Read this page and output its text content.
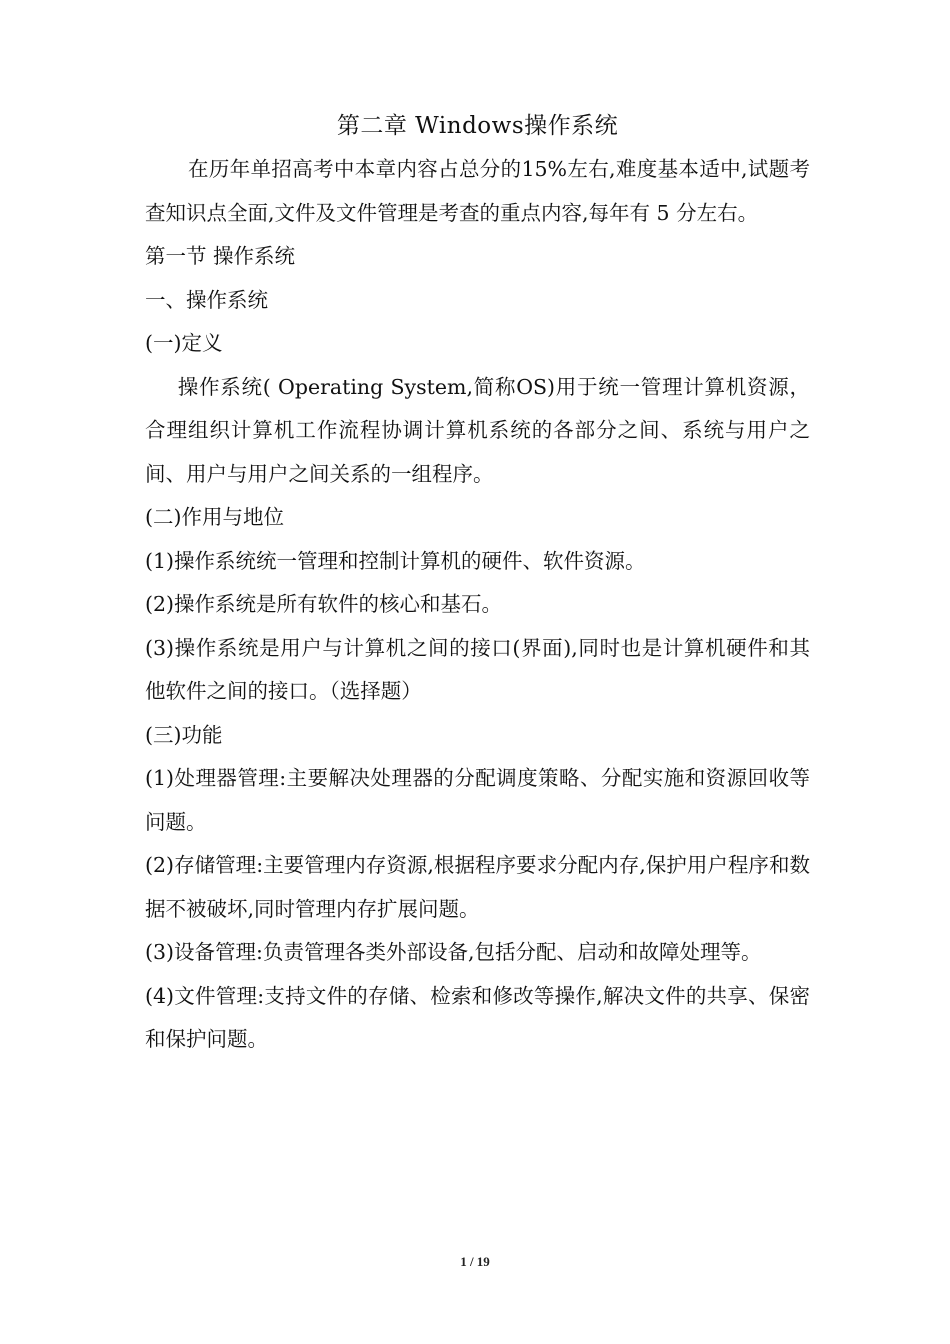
第二章 Windows操作系统

在历年单招高考中本章内容占总分的15%左右,难度基本适中,试题考查知识点全面,文件及文件管理是考查的重点内容,每年有 5 分左右。

第一节 操作系统

一、操作系统

(一)定义

操作系统( Operating System,简称OS)用于统一管理计算机资源，合理组织计算机工作流程协调计算机系统的各部分之间、系统与用户之间、用户与用户之间关系的一组程序。

(二)作用与地位

(1)操作系统统一管理和控制计算机的硬件、软件资源。

(2)操作系统是所有软件的核心和基石。

(3)操作系统是用户与计算机之间的接口(界面),同时也是计算机硬件和其他软件之间的接口。（选择题）

(三)功能

(1)处理器管理:主要解决处理器的分配调度策略、分配实施和资源回收等问题。

(2)存储管理:主要管理内存资源,根据程序要求分配内存,保护用户程序和数据不被破坏,同时管理内存扩展问题。

(3)设备管理:负责管理各类外部设备,包括分配、启动和故障处理等。

(4)文件管理:支持文件的存储、检索和修改等操作,解决文件的共享、保密和保护问题。

1 / 19
